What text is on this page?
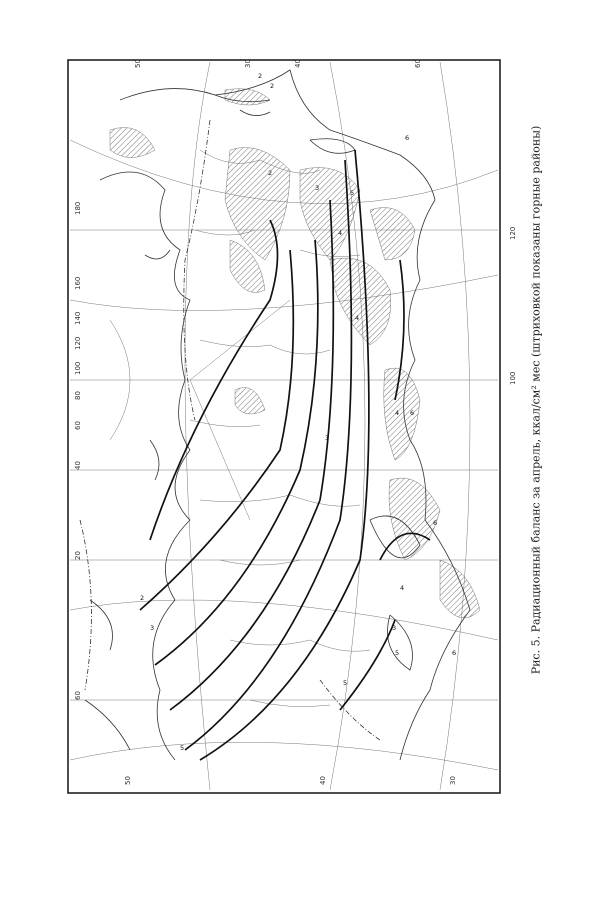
50	30	40	60
60
50	40	30
20
40
60
80
100
120
140
160
180
100
120
2
3
4
5
6
2
3
4
5	6
6
4
5
3
2
2
3
4
5
6	Рис. 5. Радиационный баланс за апрель, ккал/см² мес (штриховкой показаны горные районы)
